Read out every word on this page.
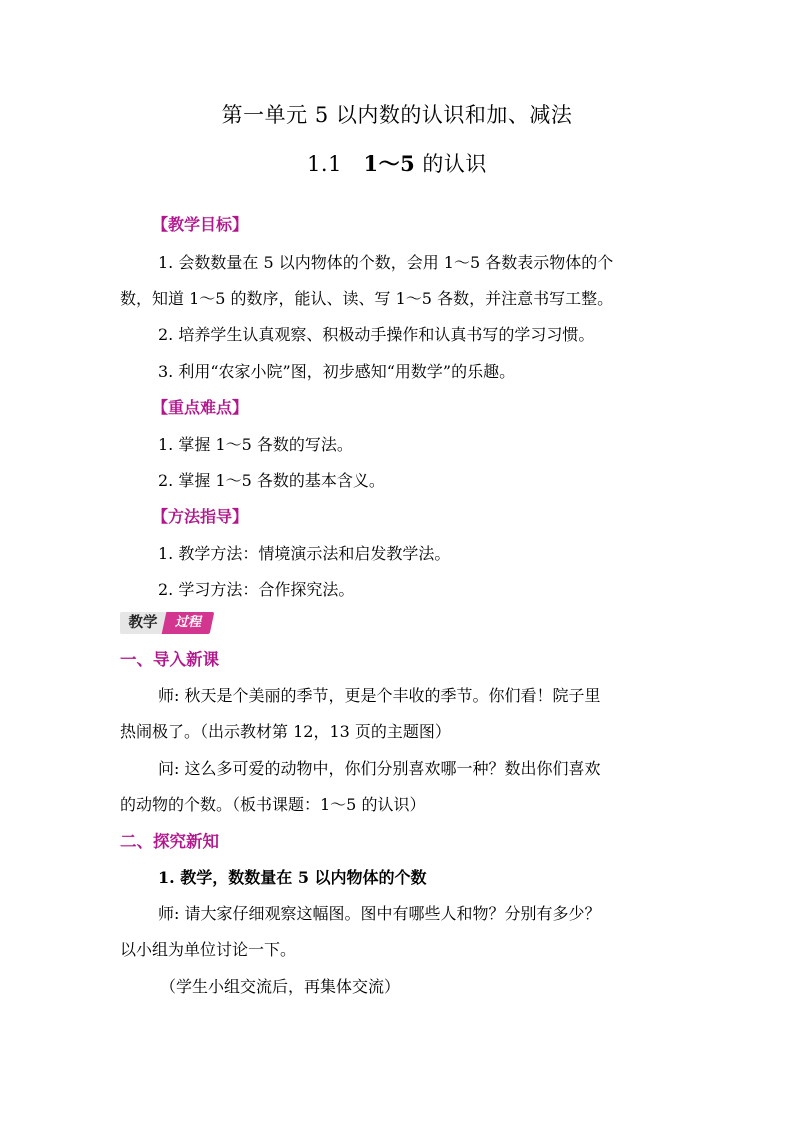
第一单元 5 以内数的认识和加、减法
1.1 1～5 的认识
【教学目标】
1. 会数数量在 5 以内物体的个数，会用 1～5 各数表示物体的个
数，知道 1～5 的数序，能认、读、写 1～5 各数，并注意书写工整。
2. 培养学生认真观察、积极动手操作和认真书写的学习习惯。
3. 利用“农家小院”图，初步感知“用数学”的乐趣。
【重点难点】
1. 掌握 1～5 各数的写法。
2. 掌握 1～5 各数的基本含义。
【方法指导】
1. 教学方法：情境演示法和启发教学法。
2. 学习方法：合作探究法。
教学	过程
一、导入新课
师: 秋天是个美丽的季节，更是个丰收的季节。你们看！院子里
热闹极了。（出示教材第 12，13 页的主题图）
问: 这么多可爱的动物中，你们分别喜欢哪一种？数出你们喜欢
的动物的个数。（板书课题：1～5 的认识）
二、探究新知
1. 教学，数数量在 5 以内物体的个数
师: 请大家仔细观察这幅图。图中有哪些人和物？分别有多少？
以小组为单位讨论一下。
（学生小组交流后，再集体交流）
